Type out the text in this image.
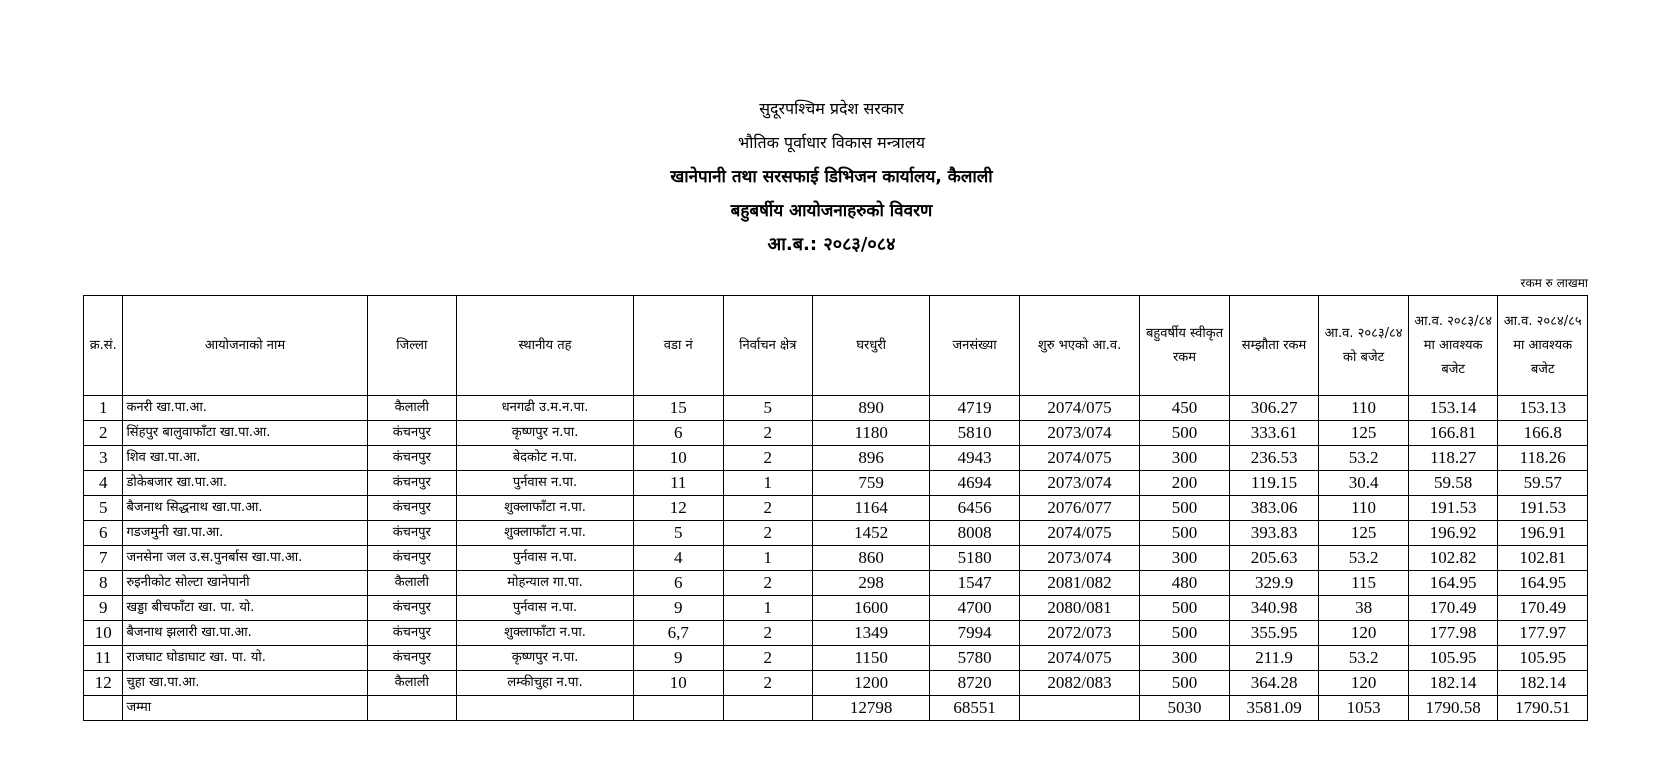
सुदूरपश्चिम प्रदेश सरकार
भौतिक पूर्वाधार विकास मन्त्रालय
खानेपानी तथा सरसफाई डिभिजन कार्यालय, कैलाली
बहुबर्षीय आयोजनाहरुको विवरण
आ.ब.: २०८३/०८४
रकम रु लाखमा
क्र.सं.	आयोजनाको नाम	जिल्ला	स्थानीय तह	वडा नं	निर्वाचन क्षेत्र	घरधुरी	जनसंख्या	शुरु भएको आ.व.	बहुवर्षीय स्वीकृत रकम	सम्झौता रकम	आ.व. २०८३/८४ को बजेट	आ.व. २०८३/८४ मा आवश्यक बजेट	आ.व. २०८४/८५ मा आवश्यक बजेट
1	कनरी खा.पा.आ.	कैलाली	धनगढी उ.म.न.पा.	15	5	890	4719	2074/075	450	306.27	110	153.14	153.13
2	सिंहपुर बालुवाफाँटा खा.पा.आ.	कंचनपुर	कृष्णपुर न.पा.	6	2	1180	5810	2073/074	500	333.61	125	166.81	166.8
3	शिव खा.पा.आ.	कंचनपुर	बेदकोट न.पा.	10	2	896	4943	2074/075	300	236.53	53.2	118.27	118.26
4	डोकेबजार खा.पा.आ.	कंचनपुर	पुर्नवास न.पा.	11	1	759	4694	2073/074	200	119.15	30.4	59.58	59.57
5	बैजनाथ सिद्धनाथ खा.पा.आ.	कंचनपुर	शुक्लाफाँटा न.पा.	12	2	1164	6456	2076/077	500	383.06	110	191.53	191.53
6	गडजमुनी खा.पा.आ.	कंचनपुर	शुक्लाफाँटा न.पा.	5	2	1452	8008	2074/075	500	393.83	125	196.92	196.91
7	जनसेना जल उ.स.पुनर्बास खा.पा.आ.	कंचनपुर	पुर्नवास न.पा.	4	1	860	5180	2073/074	300	205.63	53.2	102.82	102.81
8	रुइनीकोट सोल्टा खानेपानी	कैलाली	मोहन्याल गा.पा.	6	2	298	1547	2081/082	480	329.9	115	164.95	164.95
9	खड्डा बीचफाँटा खा. पा. यो.	कंचनपुर	पुर्नवास न.पा.	9	1	1600	4700	2080/081	500	340.98	38	170.49	170.49
10	बैजनाथ झलारी खा.पा.आ.	कंचनपुर	शुक्लाफाँटा न.पा.	6,7	2	1349	7994	2072/073	500	355.95	120	177.98	177.97
11	राजघाट घोडाघाट खा. पा. यो.	कंचनपुर	कृष्णपुर न.पा.	9	2	1150	5780	2074/075	300	211.9	53.2	105.95	105.95
12	चुहा खा.पा.आ.	कैलाली	लम्कीचुहा न.पा.	10	2	1200	8720	2082/083	500	364.28	120	182.14	182.14
	जम्मा					12798	68551		5030	3581.09	1053	1790.58	1790.51
